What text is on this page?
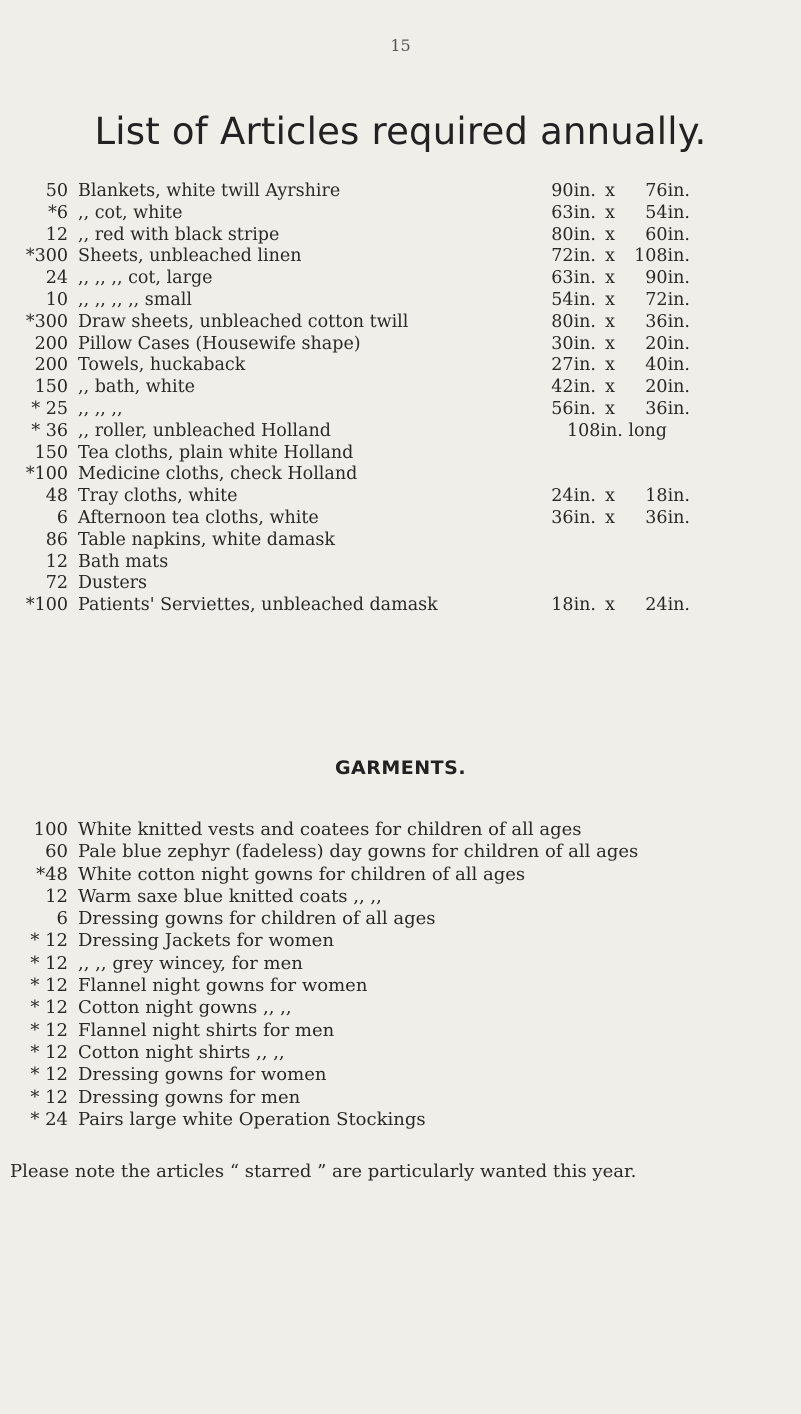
15
List of Articles required annually.
50 Blankets, white twill Ayrshire	90in. x	76in.
*6 ,, cot, white	63in. x	54in.
12 ,, red with black stripe	80in. x	60in.
*300 Sheets, unbleached linen	72in. x	108in.
24 ,, ,, ,, cot, large	63in. x	90in.
10 ,, ,, ,, ,, small	54in. x	72in.
*300 Draw sheets, unbleached cotton twill	80in. x	36in.
200 Pillow Cases (Housewife shape)	30in. x	20in.
200 Towels, huckaback	27in. x	40in.
150 ,, bath, white	42in. x	20in.
* 25 ,, ,, ,,	56in. x	36in.
* 36 ,, roller, unbleached Holland	108in. long
150 Tea cloths, plain white Holland
*100 Medicine cloths, check Holland
48 Tray cloths, white	24in. x	18in.
6 Afternoon tea cloths, white	36in. x	36in.
86 Table napkins, white damask
12 Bath mats
72 Dusters
*100 Patients' Serviettes, unbleached damask	18in. x	24in.
GARMENTS.
100 White knitted vests and coatees for children of all ages
60 Pale blue zephyr (fadeless) day gowns for children of all ages
*48 White cotton night gowns for children of all ages
12 Warm saxe blue knitted coats ,, ,,
6 Dressing gowns for children of all ages
* 12 Dressing Jackets for women
* 12 ,, ,, grey wincey, for men
* 12 Flannel night gowns for women
* 12 Cotton night gowns ,, ,,
* 12 Flannel night shirts for men
* 12 Cotton night shirts ,, ,,
* 12 Dressing gowns for women
* 12 Dressing gowns for men
* 24 Pairs large white Operation Stockings
Please note the articles “ starred ” are particularly wanted this year.
